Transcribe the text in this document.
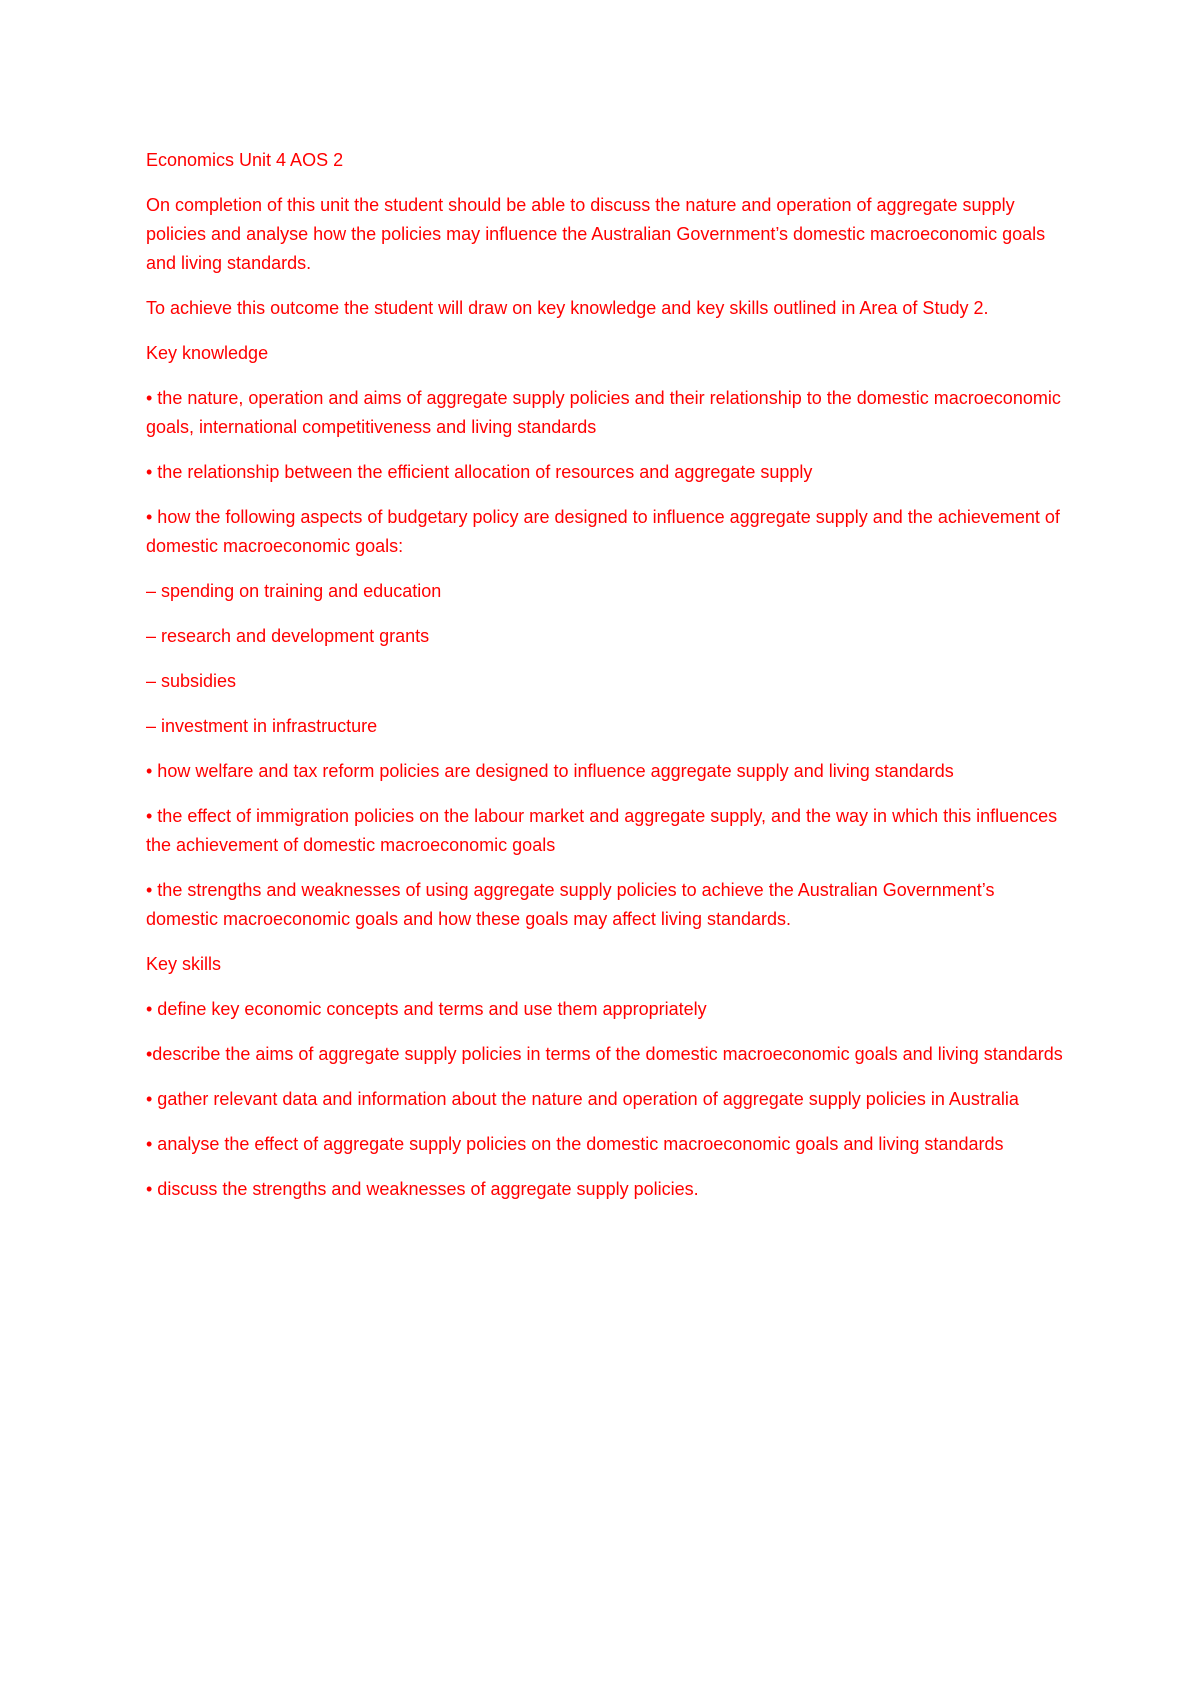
Economics Unit 4 AOS 2

On completion of this unit the student should be able to discuss the nature and operation of aggregate supply policies and analyse how the policies may influence the Australian Government’s domestic macroeconomic goals and living standards.

To achieve this outcome the student will draw on key knowledge and key skills outlined in Area of Study 2.

Key knowledge

• the nature, operation and aims of aggregate supply policies and their relationship to the domestic macroeconomic goals, international competitiveness and living standards

• the relationship between the efficient allocation of resources and aggregate supply

• how the following aspects of budgetary policy are designed to influence aggregate supply and the achievement of domestic macroeconomic goals:

– spending on training and education

– research and development grants

– subsidies

– investment in infrastructure

• how welfare and tax reform policies are designed to influence aggregate supply and living standards

• the effect of immigration policies on the labour market and aggregate supply, and the way in which this influences the achievement of domestic macroeconomic goals

• the strengths and weaknesses of using aggregate supply policies to achieve the Australian Government’s domestic macroeconomic goals and how these goals may affect living standards.

Key skills

• define key economic concepts and terms and use them appropriately

•describe the aims of aggregate supply policies in terms of the domestic macroeconomic goals and living standards

• gather relevant data and information about the nature and operation of aggregate supply policies in Australia

• analyse the effect of aggregate supply policies on the domestic macroeconomic goals and living standards

• discuss the strengths and weaknesses of aggregate supply policies.
